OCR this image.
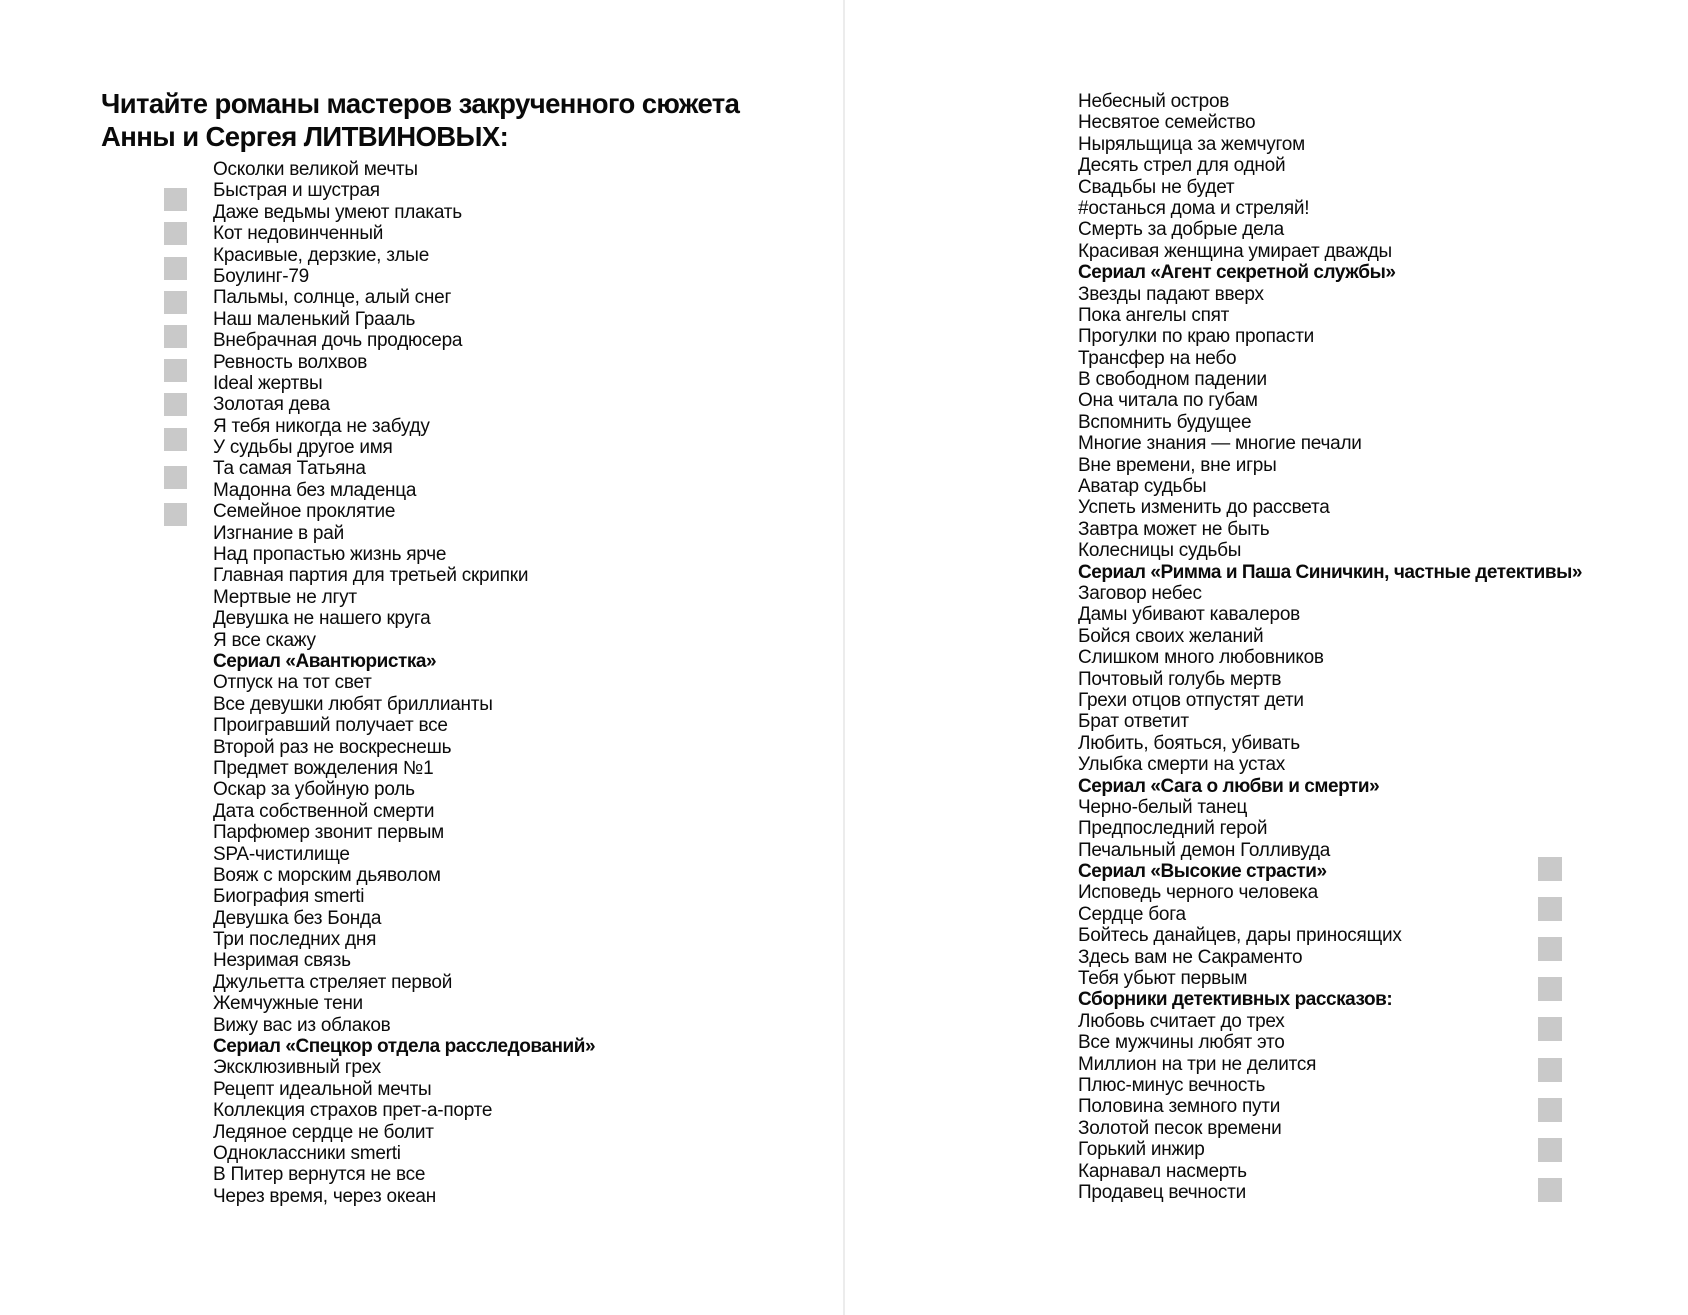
Читайте романы мастеров закрученного сюжета
Анны и Сергея ЛИТВИНОВЫХ:
Осколки великой мечты
Быстрая и шустрая
Даже ведьмы умеют плакать
Кот недовинченный
Красивые, дерзкие, злые
Боулинг-79
Пальмы, солнце, алый снег
Наш маленький Грааль
Внебрачная дочь продюсера
Ревность волхвов
Ideal жертвы
Золотая дева
Я тебя никогда не забуду
У судьбы другое имя
Та самая Татьяна
Мадонна без младенца
Семейное проклятие
Изгнание в рай
Над пропастью жизнь ярче
Главная партия для третьей скрипки
Мертвые не лгут
Девушка не нашего круга
Я все скажу
Сериал «Авантюристка»
Отпуск на тот свет
Все девушки любят бриллианты
Проигравший получает все
Второй раз не воскреснешь
Предмет вожделения №1
Оскар за убойную роль
Дата собственной смерти
Парфюмер звонит первым
SPA-чистилище
Вояж с морским дьяволом
Биография smerti
Девушка без Бонда
Три последних дня
Незримая связь
Джульетта стреляет первой
Жемчужные тени
Вижу вас из облаков
Сериал «Спецкор отдела расследований»
Эксклюзивный грех
Рецепт идеальной мечты
Коллекция страхов прет-а-порте
Ледяное сердце не болит
Одноклассники smerti
В Питер вернутся не все
Через время, через океан
Небесный остров
Несвятое семейство
Ныряльщица за жемчугом
Десять стрел для одной
Свадьбы не будет
#останься дома и стреляй!
Смерть за добрые дела
Красивая женщина умирает дважды
Сериал «Агент секретной службы»
Звезды падают вверх
Пока ангелы спят
Прогулки по краю пропасти
Трансфер на небо
В свободном падении
Она читала по губам
Вспомнить будущее
Многие знания — многие печали
Вне времени, вне игры
Аватар судьбы
Успеть изменить до рассвета
Завтра может не быть
Колесницы судьбы
Сериал «Римма и Паша Синичкин, частные детективы»
Заговор небес
Дамы убивают кавалеров
Бойся своих желаний
Слишком много любовников
Почтовый голубь мертв
Грехи отцов отпустят дети
Брат ответит
Любить, бояться, убивать
Улыбка смерти на устах
Сериал «Сага о любви и смерти»
Черно-белый танец
Предпоследний герой
Печальный демон Голливуда
Сериал «Высокие страсти»
Исповедь черного человека
Сердце бога
Бойтесь данайцев, дары приносящих
Здесь вам не Сакраменто
Тебя убьют первым
Сборники детективных рассказов:
Любовь считает до трех
Все мужчины любят это
Миллион на три не делится
Плюс-минус вечность
Половина земного пути
Золотой песок времени
Горький инжир
Карнавал насмерть
Продавец вечности
